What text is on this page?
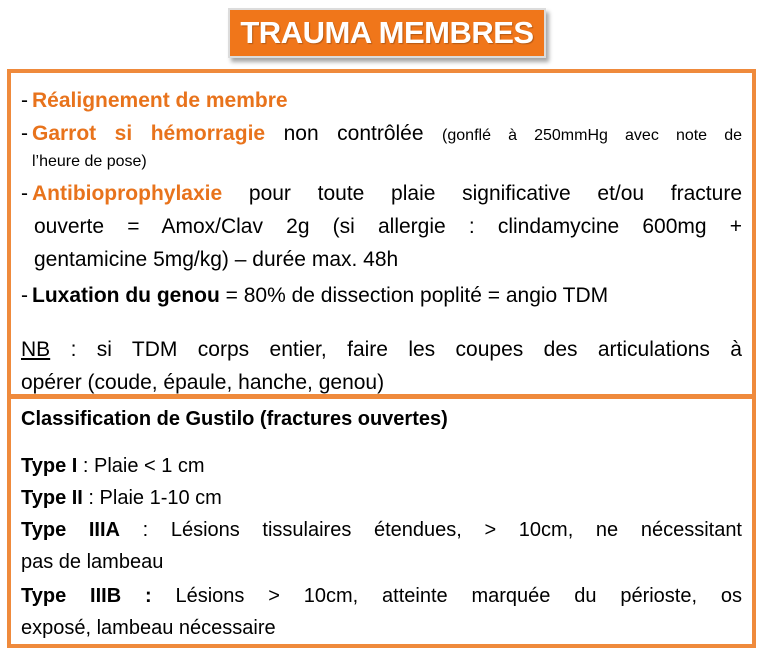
TRAUMA MEMBRES
- Réalignement de membre
- Garrot si hémorragie non contrôlée (gonflé à 250mmHg avec note de
l’heure de pose)
- Antibioprophylaxie pour toute plaie significative et/ou fracture
ouverte = Amox/Clav 2g (si allergie : clindamycine 600mg +
gentamicine 5mg/kg) – durée max. 48h
- Luxation du genou = 80% de dissection poplité = angio TDM
NB : si TDM corps entier, faire les coupes des articulations à
opérer (coude, épaule, hanche, genou)
Classification de Gustilo (fractures ouvertes)
Type I : Plaie < 1 cm
Type II : Plaie 1-10 cm
Type IIIA : Lésions tissulaires étendues, > 10cm, ne nécessitant
pas de lambeau
Type IIIB : Lésions > 10cm, atteinte marquée du périoste, os
exposé, lambeau nécessaire
